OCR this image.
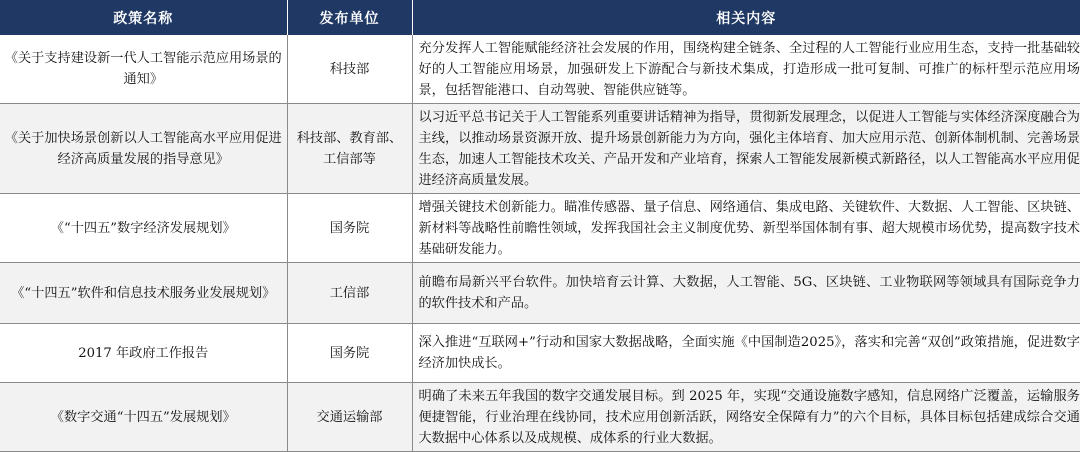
政策名称	发布单位	相关内容
《关于支持建设新一代人工智能示范应用场景的通知》	科技部	充分发挥人工智能赋能经济社会发展的作用，围绕构建全链条、全过程的人工智能行业应用生态，支持一批基础较好的人工智能应用场景，加强研发上下游配合与新技术集成，打造形成一批可复制、可推广的标杆型示范应用场景，包括智能港口、自动驾驶、智能供应链等。
《关于加快场景创新以人工智能高水平应用促进经济高质量发展的指导意见》	科技部、教育部、工信部等	以习近平总书记关于人工智能系列重要讲话精神为指导，贯彻新发展理念，以促进人工智能与实体经济深度融合为主线，以推动场景资源开放、提升场景创新能力为方向，强化主体培育、加大应用示范、创新体制机制、完善场景生态，加速人工智能技术攻关、产品开发和产业培育，探索人工智能发展新模式新路径，以人工智能高水平应用促进经济高质量发展。
《“十四五”数字经济发展规划》	国务院	增强关键技术创新能力。瞄准传感器、量子信息、网络通信、集成电路、关键软件、大数据、人工智能、区块链、新材料等战略性前瞻性领域，发挥我国社会主义制度优势、新型举国体制有事、超大规模市场优势，提高数字技术基础研发能力。
《“十四五”软件和信息技术服务业发展规划》	工信部	前瞻布局新兴平台软件。加快培育云计算、大数据，人工智能、5G、区块链、工业物联网等领域具有国际竞争力的软件技术和产品。
2017 年政府工作报告	国务院	深入推进“互联网+”行动和国家大数据战略，全面实施《中国制造2025》，落实和完善“双创”政策措施，促进数字经济加快成长。
《数字交通“十四五”发展规划》	交通运输部	明确了未来五年我国的数字交通发展目标。到 2025 年，实现“交通设施数字感知，信息网络广泛覆盖，运输服务便捷智能，行业治理在线协同，技术应用创新活跃，网络安全保障有力”的六个目标，具体目标包括建成综合交通大数据中心体系以及成规模、成体系的行业大数据。
